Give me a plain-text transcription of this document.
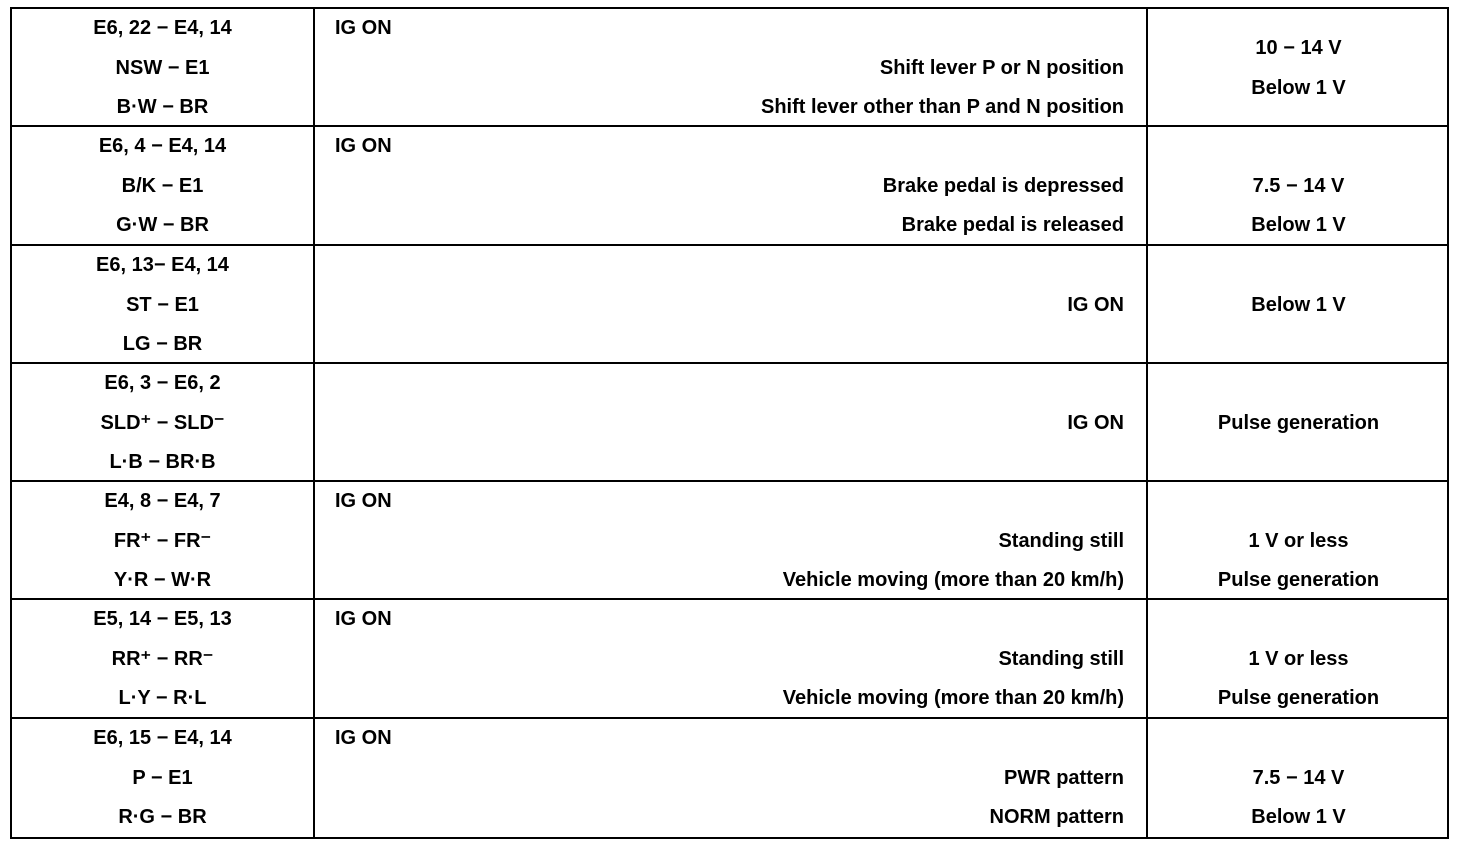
E6, 22 − E4, 14
NSW − E1
B·W − BR
IG ON
Shift lever P or N position
Shift lever other than P and N position
10 − 14 V
Below 1 V
E6, 4 − E4, 14
B/K − E1
G·W − BR
IG ON
Brake pedal is depressed
Brake pedal is released
7.5 − 14 V
Below 1 V
E6, 13− E4, 14
ST − E1
LG − BR
IG ON	Below 1 V
E6, 3 − E6, 2
SLD⁺ − SLD⁻
L·B − BR·B
IG ON	Pulse generation
E4, 8 − E4, 7
FR⁺ − FR⁻
Y·R − W·R
IG ON
Standing still
Vehicle moving (more than 20 km/h)
1 V or less
Pulse generation
E5, 14 − E5, 13
RR⁺ − RR⁻
L·Y − R·L
IG ON
Standing still
Vehicle moving (more than 20 km/h)
1 V or less
Pulse generation
E6, 15 − E4, 14
P − E1
R·G − BR
IG ON
PWR pattern
NORM pattern
7.5 − 14 V
Below 1 V
